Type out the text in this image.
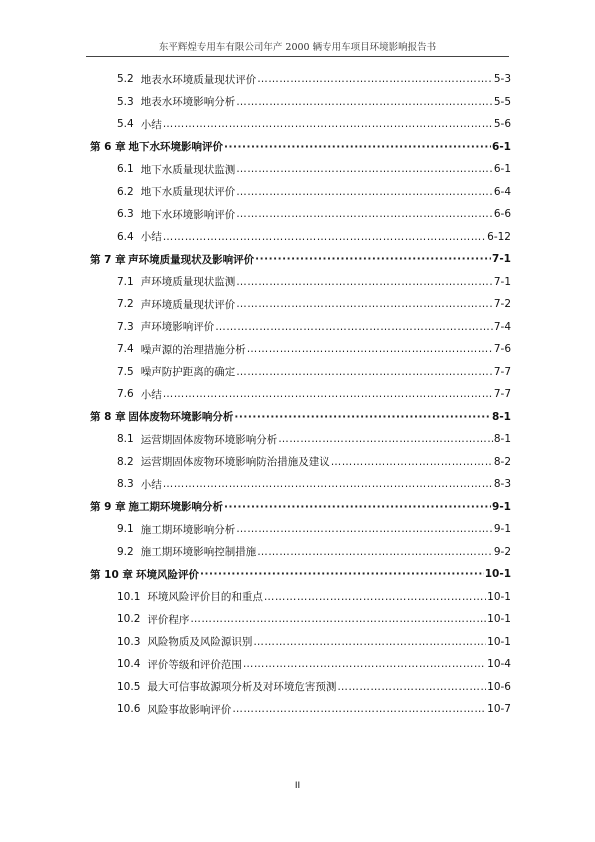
东平辉煌专用车有限公司年产 2000 辆专用车项目环境影响报告书
5.2 地表水环境质量现状评价 ……………………………………………………………………………………………………………………………………………………………………………………	5-3
5.3 地表水环境影响分析 ……………………………………………………………………………………………………………………………………………………………………………………	5-5
5.4 小结 ……………………………………………………………………………………………………………………………………………………………………………………	5-6
第 6 章 地下水环境影响评价 ·····	6-1
6.1 地下水质量现状监测 ……………………………………………………………………………………………………………………………………………………………………………………	6-1
6.2 地下水质量现状评价 ……………………………………………………………………………………………………………………………………………………………………………………	6-4
6.3 地下水环境影响评价 ……………………………………………………………………………………………………………………………………………………………………………………	6-6
6.4 小结 ……………………………………………………………………………………………………………………………………………………………………………………	6-12
第 7 章 声环境质量现状及影响评价 ·····	7-1
7.1 声环境质量现状监测 ……………………………………………………………………………………………………………………………………………………………………………………	7-1
7.2 声环境质量现状评价 ……………………………………………………………………………………………………………………………………………………………………………………	7-2
7.3 声环境影响评价 ……………………………………………………………………………………………………………………………………………………………………………………	7-4
7.4 噪声源的治理措施分析 ……………………………………………………………………………………………………………………………………………………………………………………	7-6
7.5 噪声防护距离的确定 ……………………………………………………………………………………………………………………………………………………………………………………	7-7
7.6 小结 ……………………………………………………………………………………………………………………………………………………………………………………	7-7
第 8 章 固体废物环境影响分析 ·····	8-1
8.1 运营期固体废物环境影响分析 ……………………………………………………………………………………………………………………………………………………………………………………	8-1
8.2 运营期固体废物环境影响防治措施及建议 ……………………………………………………………………………………………………………………………………………………………………………………	8-2
8.3 小结 ……………………………………………………………………………………………………………………………………………………………………………………	8-3
第 9 章 施工期环境影响分析 ·····	9-1
9.1 施工期环境影响分析 ……………………………………………………………………………………………………………………………………………………………………………………	9-1
9.2 施工期环境影响控制措施 ……………………………………………………………………………………………………………………………………………………………………………………	9-2
第 10 章 环境风险评价 ·····	10-1
10.1 环境风险评价目的和重点 ……………………………………………………………………………………………………………………………………………………………………………………	10-1
10.2 评价程序 ……………………………………………………………………………………………………………………………………………………………………………………	10-1
10.3 风险物质及风险源识别 ……………………………………………………………………………………………………………………………………………………………………………………	10-1
10.4 评价等级和评价范围 ……………………………………………………………………………………………………………………………………………………………………………………	10-4
10.5 最大可信事故源项分析及对环境危害预测 ……………………………………………………………………………………………………………………………………………………………………………………	10-6
10.6 风险事故影响评价 ……………………………………………………………………………………………………………………………………………………………………………………	10-7
II
